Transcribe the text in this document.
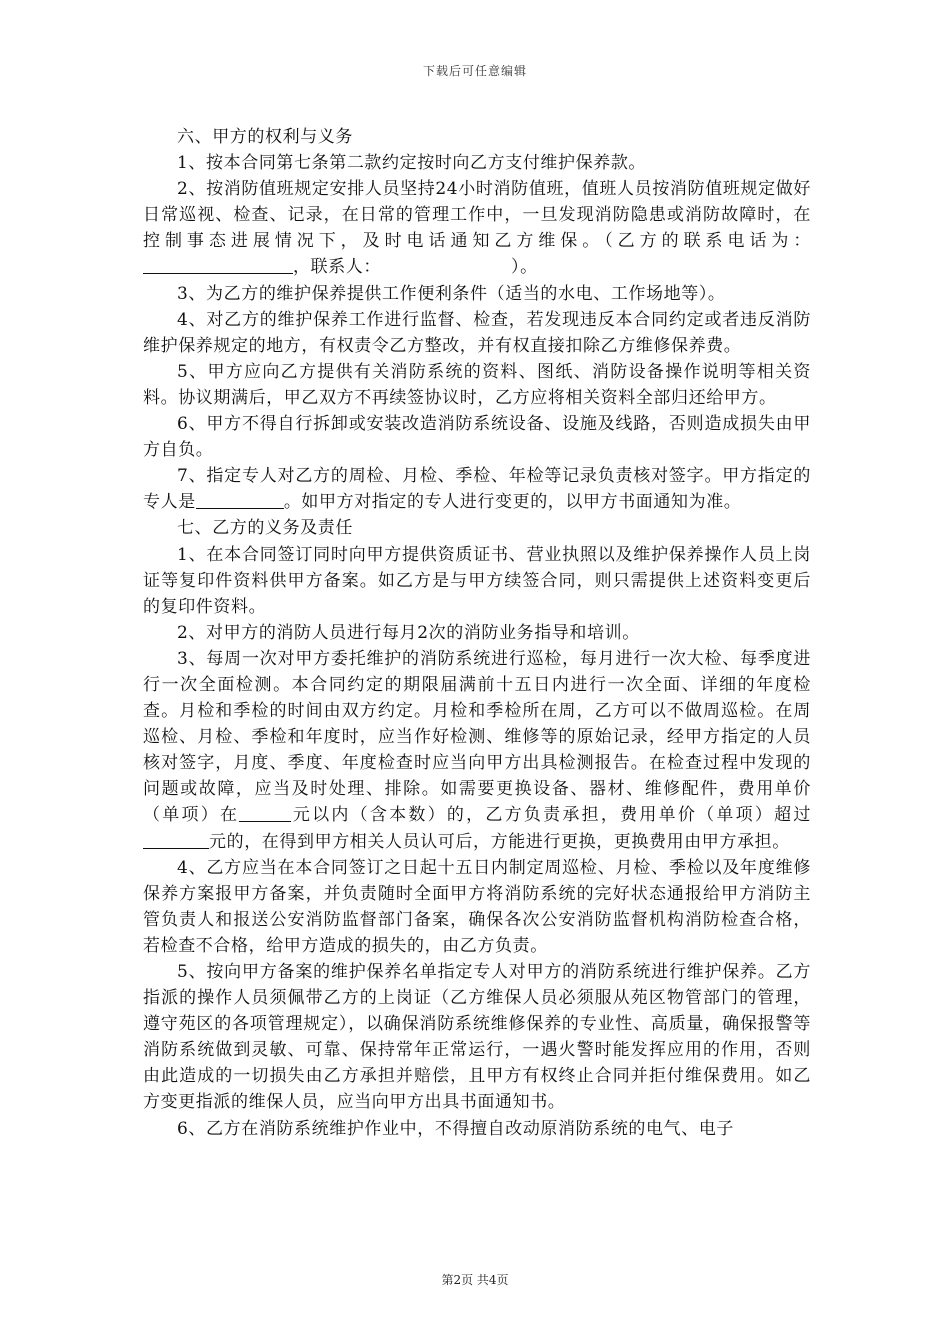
下载后可任意编辑

六、甲方的权利与义务

1、按本合同第七条第二款约定按时向乙方支付维护保养款。

2、按消防值班规定安排人员坚持24小时消防值班，值班人员按消防值班规定做好日常巡视、检查、记录，在日常的管理工作中，一旦发现消防隐患或消防故障时，在控制事态进展情况下，及时电话通知乙方维保。（乙方的联系电话为：，联系人：	）。

3、为乙方的维护保养提供工作便利条件（适当的水电、工作场地等）。

4、对乙方的维护保养工作进行监督、检查，若发现违反本合同约定或者违反消防维护保养规定的地方，有权责令乙方整改，并有权直接扣除乙方维修保养费。

5、甲方应向乙方提供有关消防系统的资料、图纸、消防设备操作说明等相关资料。协议期满后，甲乙双方不再续签协议时，乙方应将相关资料全部归还给甲方。

6、甲方不得自行拆卸或安装改造消防系统设备、设施及线路，否则造成损失由甲方自负。

7、指定专人对乙方的周检、月检、季检、年检等记录负责核对签字。甲方指定的专人是	。如甲方对指定的专人进行变更的，以甲方书面通知为准。

七、乙方的义务及责任

1、在本合同签订同时向甲方提供资质证书、营业执照以及维护保养操作人员上岗证等复印件资料供甲方备案。如乙方是与甲方续签合同，则只需提供上述资料变更后的复印件资料。

2、对甲方的消防人员进行每月2次的消防业务指导和培训。

3、每周一次对甲方委托维护的消防系统进行巡检，每月进行一次大检、每季度进行一次全面检测。本合同约定的期限届满前十五日内进行一次全面、详细的年度检查。月检和季检的时间由双方约定。月检和季检所在周，乙方可以不做周巡检。在周巡检、月检、季检和年度时，应当作好检测、维修等的原始记录，经甲方指定的人员核对签字，月度、季度、年度检查时应当向甲方出具检测报告。在检查过程中发现的问题或故障，应当及时处理、排除。如需要更换设备、器材、维修配件，费用单价（单项）在	元以内（含本数）的，乙方负责承担，费用单价（单项）超过元的，在得到甲方相关人员认可后，方能进行更换，更换费用由甲方承担。

4、乙方应当在本合同签订之日起十五日内制定周巡检、月检、季检以及年度维修保养方案报甲方备案，并负责随时全面甲方将消防系统的完好状态通报给甲方消防主管负责人和报送公安消防监督部门备案，确保各次公安消防监督机构消防检查合格，若检查不合格，给甲方造成的损失的，由乙方负责。

5、按向甲方备案的维护保养名单指定专人对甲方的消防系统进行维护保养。乙方指派的操作人员须佩带乙方的上岗证（乙方维保人员必须服从苑区物管部门的管理，遵守苑区的各项管理规定），以确保消防系统维修保养的专业性、高质量，确保报警等消防系统做到灵敏、可靠、保持常年正常运行，一遇火警时能发挥应用的作用，否则由此造成的一切损失由乙方承担并赔偿，且甲方有权终止合同并拒付维保费用。如乙方变更指派的维保人员，应当向甲方出具书面通知书。

6、乙方在消防系统维护作业中，不得擅自改动原消防系统的电气、电子

第2页 共4页
